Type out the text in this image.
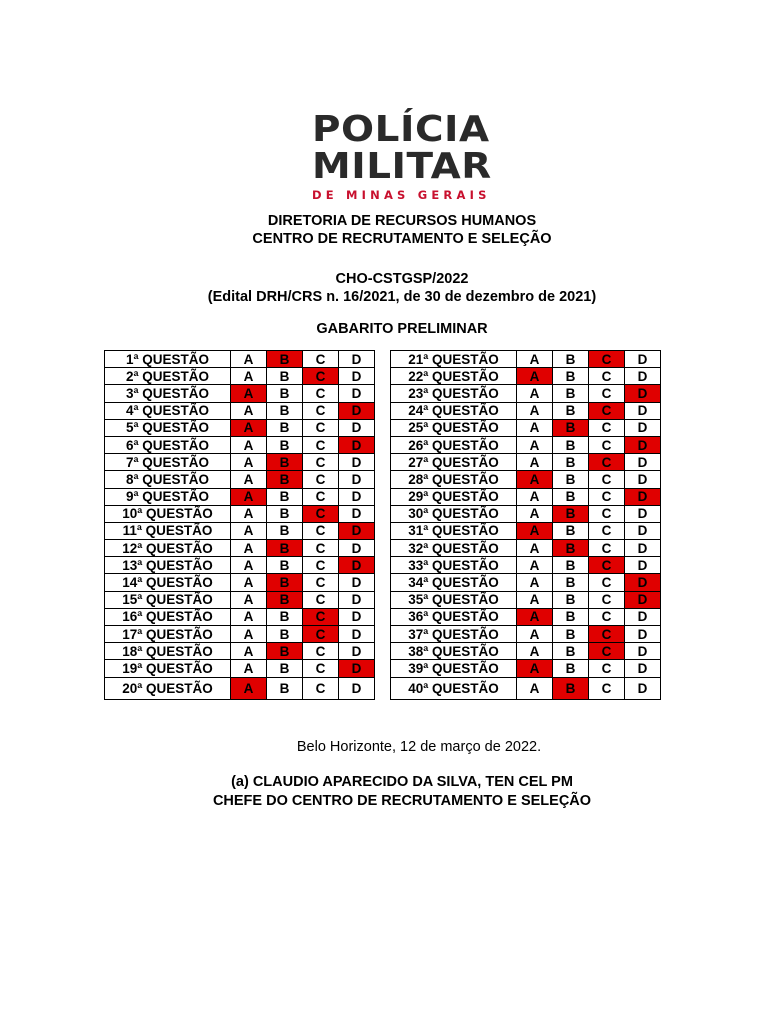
POLÍCIA
MILITAR
DE MINAS GERAIS
DIRETORIA DE RECURSOS HUMANOS
CENTRO DE RECRUTAMENTO E SELEÇÃO
CHO-CSTGSP/2022
(Edital DRH/CRS n. 16/2021, de 30 de dezembro de 2021)
GABARITO PRELIMINAR
1ª QUESTÃO	A	B	C	D
2ª QUESTÃO	A	B	C	D
3ª QUESTÃO	A	B	C	D
4ª QUESTÃO	A	B	C	D
5ª QUESTÃO	A	B	C	D
6ª QUESTÃO	A	B	C	D
7ª QUESTÃO	A	B	C	D
8ª QUESTÃO	A	B	C	D
9ª QUESTÃO	A	B	C	D
10ª QUESTÃO	A	B	C	D
11ª QUESTÃO	A	B	C	D
12ª QUESTÃO	A	B	C	D
13ª QUESTÃO	A	B	C	D
14ª QUESTÃO	A	B	C	D
15ª QUESTÃO	A	B	C	D
16ª QUESTÃO	A	B	C	D
17ª QUESTÃO	A	B	C	D
18ª QUESTÃO	A	B	C	D
19ª QUESTÃO	A	B	C	D
20ª QUESTÃO	A	B	C	D
21ª QUESTÃO	A	B	C	D
22ª QUESTÃO	A	B	C	D
23ª QUESTÃO	A	B	C	D
24ª QUESTÃO	A	B	C	D
25ª QUESTÃO	A	B	C	D
26ª QUESTÃO	A	B	C	D
27ª QUESTÃO	A	B	C	D
28ª QUESTÃO	A	B	C	D
29ª QUESTÃO	A	B	C	D
30ª QUESTÃO	A	B	C	D
31ª QUESTÃO	A	B	C	D
32ª QUESTÃO	A	B	C	D
33ª QUESTÃO	A	B	C	D
34ª QUESTÃO	A	B	C	D
35ª QUESTÃO	A	B	C	D
36ª QUESTÃO	A	B	C	D
37ª QUESTÃO	A	B	C	D
38ª QUESTÃO	A	B	C	D
39ª QUESTÃO	A	B	C	D
40ª QUESTÃO	A	B	C	D
Belo Horizonte, 12 de março de 2022.
(a) CLAUDIO APARECIDO DA SILVA, TEN CEL PM
CHEFE DO CENTRO DE RECRUTAMENTO E SELEÇÃO
